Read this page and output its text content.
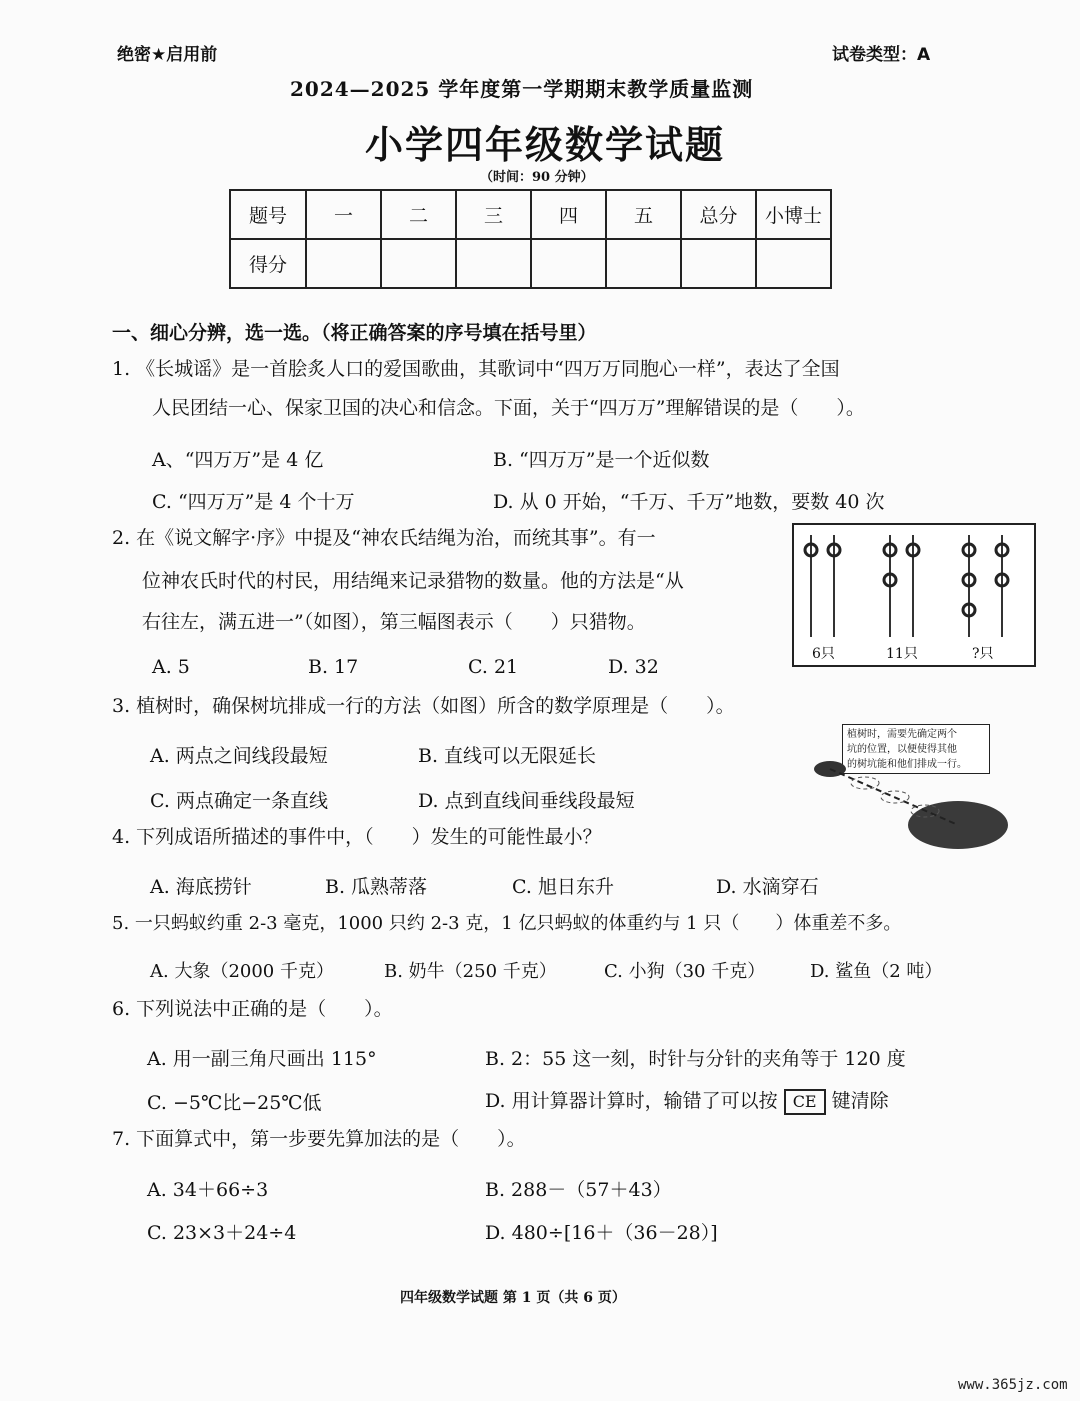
绝密★启用前	试卷类型：A
2024—2025 学年度第一学期期末教学质量监测
小学四年级数学试题
（时间：90 分钟）
题号	一	二	三	四	五	总分	小博士
得分							
一、细心分辨，选一选。（将正确答案的序号填在括号里）
1. 《长城谣》是一首脍炙人口的爱国歌曲，其歌词中“四万万同胞心一样”，表达了全国
人民团结一心、保家卫国的决心和信念。下面，关于“四万万”理解错误的是（　　）。
A、“四万万”是 4 亿	B. “四万万”是一个近似数
C. “四万万”是 4 个十万	D. 从 0 开始，“千万、千万”地数，要数 40 次
2. 在《说文解字·序》中提及“神农氏结绳为治，而统其事”。有一
位神农氏时代的村民，用结绳来记录猎物的数量。他的方法是“从
右往左，满五进一”（如图），第三幅图表示（　　）只猎物。
A. 5	B. 17	C. 21	D. 32
6只	11只	?只
3. 植树时，确保树坑排成一行的方法（如图）所含的数学原理是（　　）。
A. 两点之间线段最短	B. 直线可以无限延长
C. 两点确定一条直线	D. 点到直线间垂线段最短
植树时，需要先确定两个
坑的位置，以便使得其他
的树坑能和他们排成一行。
4. 下列成语所描述的事件中，（　　）发生的可能性最小？
A. 海底捞针	B. 瓜熟蒂落	C. 旭日东升	D. 水滴穿石
5. 一只蚂蚁约重 2-3 毫克，1000 只约 2-3 克，1 亿只蚂蚁的体重约与 1 只（　　）体重差不多。
A. 大象（2000 千克）	B. 奶牛（250 千克）	C. 小狗（30 千克） D. 鲨鱼（2 吨）
6. 下列说法中正确的是（　　）。
A. 用一副三角尺画出 115°	B. 2：55 这一刻，时针与分针的夹角等于 120 度
C. −5℃比−25℃低	D. 用计算器计算时，输错了可以按 CE 键清除
7. 下面算式中，第一步要先算加法的是（　　）。
A. 34＋66÷3	B. 288－（57＋43）
C. 23×3＋24÷4	D. 480÷[16＋（36－28）]
四年级数学试题 第 1 页（共 6 页）
www.365jz.com
